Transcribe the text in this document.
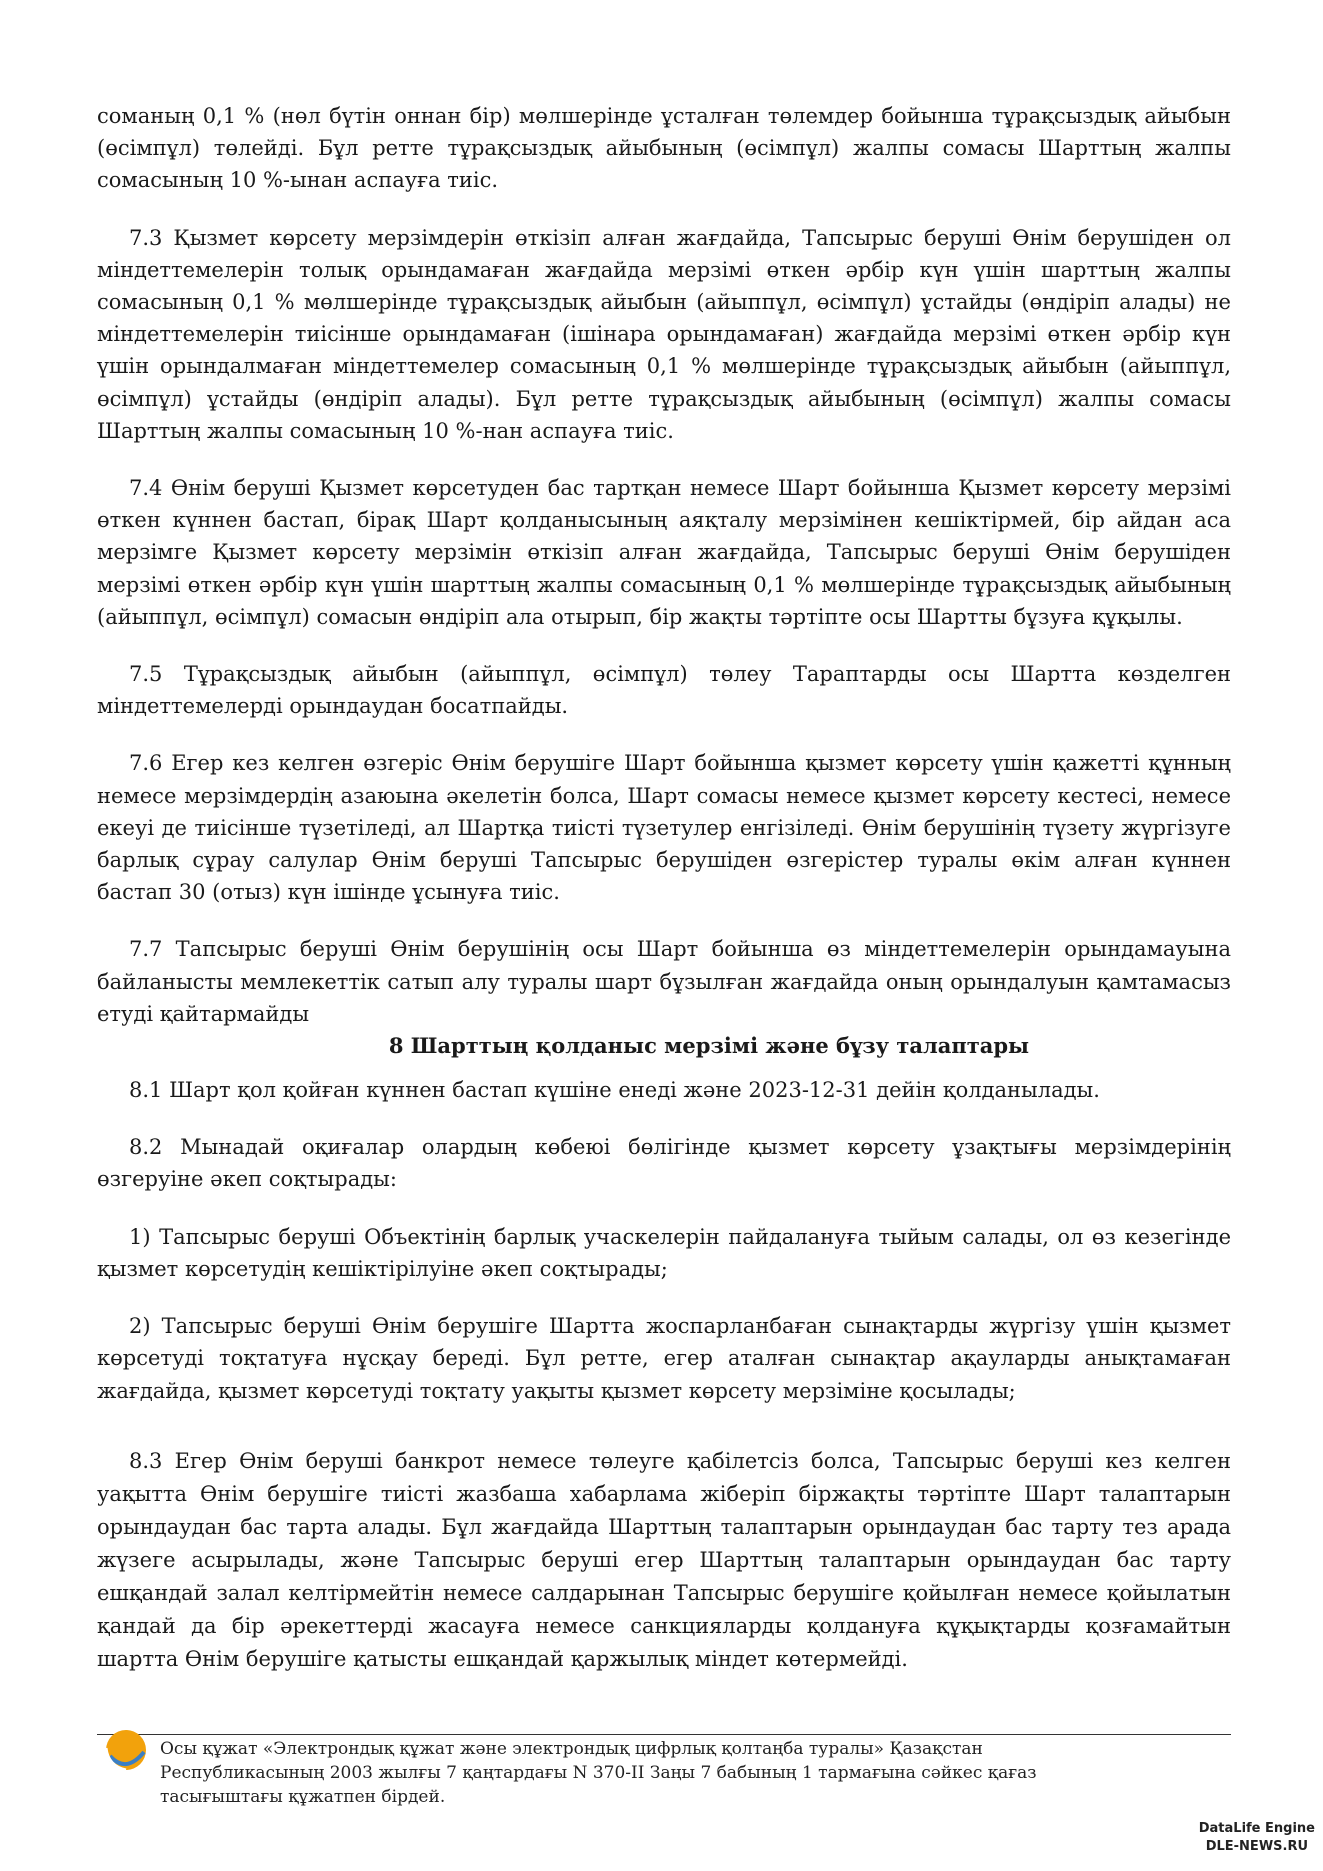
соманың 0,1 % (нөл бүтін оннан бір) мөлшерінде ұсталған төлемдер бойынша тұрақсыздық айыбын (өсімпұл) төлейді. Бұл ретте тұрақсыздық айыбының (өсімпұл) жалпы сомасы Шарттың жалпы сомасының 10 %-ынан аспауға тиіс.

7.3 Қызмет көрсету мерзімдерін өткізіп алған жағдайда, Тапсырыс беруші Өнім берушіден ол міндеттемелерін толық орындамаған жағдайда мерзімі өткен әрбір күн үшін шарттың жалпы сомасының 0,1 % мөлшерінде тұрақсыздық айыбын (айыппұл, өсімпұл) ұстайды (өндіріп алады) не міндеттемелерін тиісінше орындамаған (ішінара орындамаған) жағдайда мерзімі өткен әрбір күн үшін орындалмаған міндеттемелер сомасының 0,1 % мөлшерінде тұрақсыздық айыбын (айыппұл, өсімпұл) ұстайды (өндіріп алады). Бұл ретте тұрақсыздық айыбының (өсімпұл) жалпы сомасы Шарттың жалпы сомасының 10 %-нан аспауға тиіс.

7.4 Өнім беруші Қызмет көрсетуден бас тартқан немесе Шарт бойынша Қызмет көрсету мерзімі өткен күннен бастап, бірақ Шарт қолданысының аяқталу мерзімінен кешіктірмей, бір айдан аса мерзімге Қызмет көрсету мерзімін өткізіп алған жағдайда, Тапсырыс беруші Өнім берушіден мерзімі өткен әрбір күн үшін шарттың жалпы сомасының 0,1 % мөлшерінде тұрақсыздық айыбының (айыппұл, өсімпұл) сомасын өндіріп ала отырып, бір жақты тәртіпте осы Шартты бұзуға құқылы.

7.5 Тұрақсыздық айыбын (айыппұл, өсімпұл) төлеу Тараптарды осы Шартта көзделген міндеттемелерді орындаудан босатпайды.

7.6 Егер кез келген өзгеріс Өнім берушіге Шарт бойынша қызмет көрсету үшін қажетті құнның немесе мерзімдердің азаюына әкелетін болса, Шарт сомасы немесе қызмет көрсету кестесі, немесе екеуі де тиісінше түзетіледі, ал Шартқа тиісті түзетулер енгізіледі. Өнім берушінің түзету жүргізуге барлық сұрау салулар Өнім беруші Тапсырыс берушіден өзгерістер туралы өкім алған күннен бастап 30 (отыз) күн ішінде ұсынуға тиіс.

7.7 Тапсырыс беруші Өнім берушінің осы Шарт бойынша өз міндеттемелерін орындамауына байланысты мемлекеттік сатып алу туралы шарт бұзылған жағдайда оның орындалуын қамтамасыз етуді қайтармайды

8 Шарттың қолданыс мерзімі және бұзу талаптары

8.1 Шарт қол қойған күннен бастап күшіне енеді және 2023-12-31 дейін қолданылады.

8.2 Мынадай оқиғалар олардың көбеюі бөлігінде қызмет көрсету ұзақтығы мерзімдерінің өзгеруіне әкеп соқтырады:

1) Тапсырыс беруші Объектінің барлық учаскелерін пайдалануға тыйым салады, ол өз кезегінде қызмет көрсетудің кешіктірілуіне әкеп соқтырады;

2) Тапсырыс беруші Өнім берушіге Шартта жоспарланбаған сынақтарды жүргізу үшін қызмет көрсетуді тоқтатуға нұсқау береді. Бұл ретте, егер аталған сынақтар ақауларды анықтамаған жағдайда, қызмет көрсетуді тоқтату уақыты қызмет көрсету мерзіміне қосылады;

8.3 Егер Өнім беруші банкрот немесе төлеуге қабілетсіз болса, Тапсырыс беруші кез келген уақытта Өнім берушіге тиісті жазбаша хабарлама жіберіп біржақты тәртіпте Шарт талаптарын орындаудан бас тарта алады. Бұл жағдайда Шарттың талаптарын орындаудан бас тарту тез арада жүзеге асырылады, және Тапсырыс беруші егер Шарттың талаптарын орындаудан бас тарту ешқандай залал келтірмейтін немесе салдарынан Тапсырыс берушіге қойылған немесе қойылатын қандай да бір әрекеттерді жасауға немесе санкцияларды қолдануға құқықтарды қозғамайтын шартта Өнім берушіге қатысты ешқандай қаржылық міндет көтермейді.

Осы құжат «Электрондық құжат және электрондық цифрлық қолтаңба туралы» Қазақстан Республикасының 2003 жылғы 7 қаңтардағы N 370-II Заңы 7 бабының 1 тармағына сәйкес қағаз тасығыштағы құжатпен бірдей.
DataLife Engine
DLE-NEWS.RU
